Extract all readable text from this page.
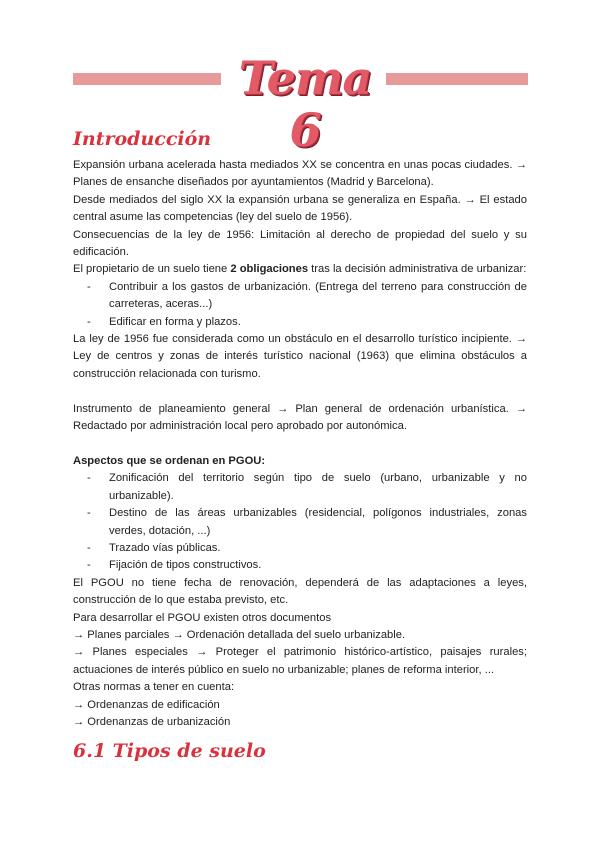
Tema 6
Introducción

Expansión urbana acelerada hasta mediados XX se concentra en unas pocas ciudades. → Planes de ensanche diseñados por ayuntamientos (Madrid y Barcelona).

Desde mediados del siglo XX la expansión urbana se generaliza en España. → El estado central asume las competencias (ley del suelo de 1956).

Consecuencias de la ley de 1956: Limitación al derecho de propiedad del suelo y su edificación.

El propietario de un suelo tiene 2 obligaciones tras la decisión administrativa de urbanizar:

- Contribuir a los gastos de urbanización. (Entrega del terreno para construcción de carreteras, aceras...)
- Edificar en forma y plazos.

La ley de 1956 fue considerada como un obstáculo en el desarrollo turístico incipiente. → Ley de centros y zonas de interés turístico nacional (1963) que elimina obstáculos a construcción relacionada con turismo.

Instrumento de planeamiento general → Plan general de ordenación urbanística. → Redactado por administración local pero aprobado por autonómica.

Aspectos que se ordenan en PGOU:

- Zonificación del territorio según tipo de suelo (urbano, urbanizable y no urbanizable).
- Destino de las áreas urbanizables (residencial, polígonos industriales, zonas verdes, dotación, ...)
- Trazado vías públicas.
- Fijación de tipos constructivos.

El PGOU no tiene fecha de renovación, dependerá de las adaptaciones a leyes, construcción de lo que estaba previsto, etc.

Para desarrollar el PGOU existen otros documentos

→ Planes parciales → Ordenación detallada del suelo urbanizable.

→ Planes especiales → Proteger el patrimonio histórico-artístico, paisajes rurales; actuaciones de interés público en suelo no urbanizable; planes de reforma interior, ...

Otras normas a tener en cuenta:

→ Ordenanzas de edificación

→ Ordenanzas de urbanización

6.1 Tipos de suelo
